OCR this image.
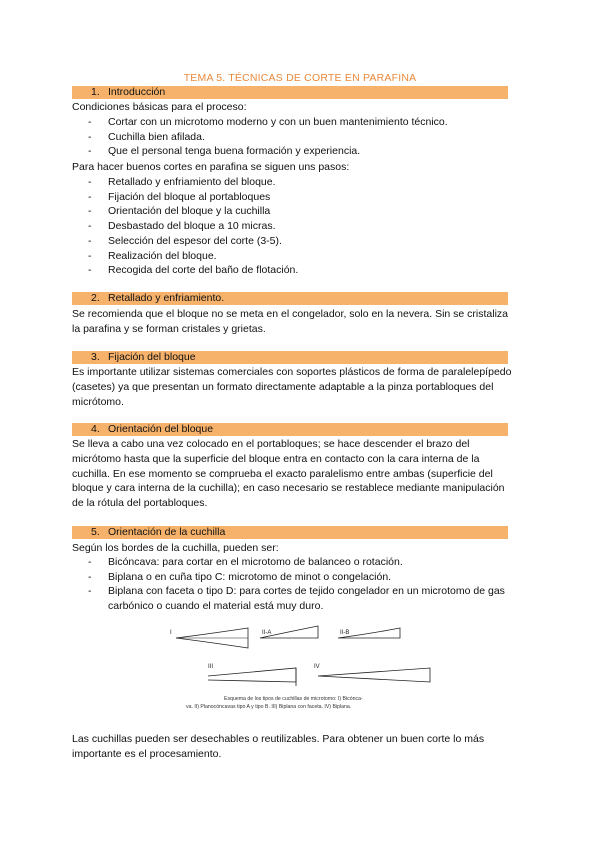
TEMA 5. TÉCNICAS DE CORTE EN PARAFINA
1. Introducción

Condiciones básicas para el proceso:

- Cortar con un microtomo moderno y con un buen mantenimiento técnico.
- Cuchilla bien afilada.
- Que el personal tenga buena formación y experiencia.

Para hacer buenos cortes en parafina se siguen uns pasos:

- Retallado y enfriamiento del bloque.
- Fijación del bloque al portabloques
- Orientación del bloque y la cuchilla
- Desbastado del bloque a 10 micras.
- Selección del espesor del corte (3-5).
- Realización del bloque.
- Recogida del corte del baño de flotación.
2. Retallado y enfriamiento.

Se recomienda que el bloque no se meta en el congelador, solo en la nevera. Sin se cristaliza la parafina y se forman cristales y grietas.

3. Fijación del bloque

Es importante utilizar sistemas comerciales con soportes plásticos de forma de paralelepípedo (casetes) ya que presentan un formato directamente adaptable a la pinza portabloques del micrótomo.

4. Orientación del bloque

Se lleva a cabo una vez colocado en el portabloques; se hace descender el brazo del micrótomo hasta que la superficie del bloque entra en contacto con la cara interna de la cuchilla. En ese momento se comprueba el exacto paralelismo entre ambas (superficie del bloque y cara interna de la cuchilla); en caso necesario se restablece mediante manipulación de la rótula del portabloques.

5. Orientación de la cuchilla

Según los bordes de la cuchilla, pueden ser:

- Bicóncava: para cortar en el microtomo de balanceo o rotación.
- Biplana o en cuña tipo C: microtomo de minot o congelación.
- Biplana con faceta o tipo D: para cortes de tejido congelador en un microtomo de gas carbónico o cuando el material está muy duro.
I	II-A	II-B
III	IV
Esquema de los tipos de cuchillas de microtomo: I) Bicónca-
va. II) Planocóncavas tipo A y tipo B. III) Biplana con faceta. IV) Biplana.

Las cuchillas pueden ser desechables o reutilizables. Para obtener un buen corte lo más importante es el procesamiento.
